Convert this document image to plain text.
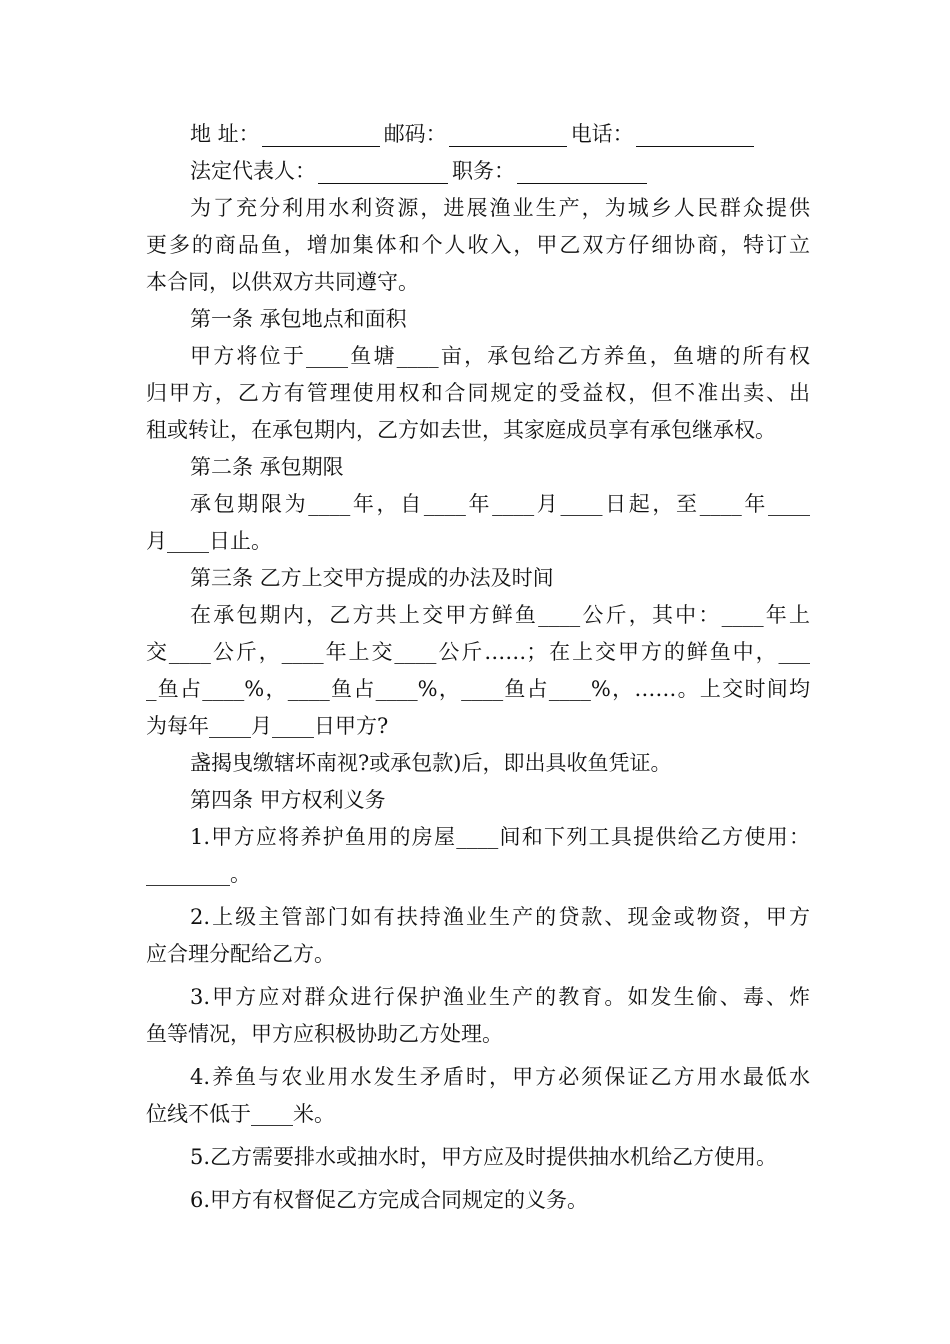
地 址：	邮码：	电话：
法定代表人：	职务：
为了充分利用水利资源，进展渔业生产，为城乡人民群众提供
更多的商品鱼，增加集体和个人收入，甲乙双方仔细协商，特订立
本合同，以供双方共同遵守。
第一条 承包地点和面积
甲方将位于____鱼塘____亩，承包给乙方养鱼，鱼塘的所有权
归甲方，乙方有管理使用权和合同规定的受益权，但不准出卖、出
租或转让，在承包期内，乙方如去世，其家庭成员享有承包继承权。
第二条 承包期限
承包期限为____年，自____年____月____日起，至____年____
月____日止。
第三条 乙方上交甲方提成的办法及时间
在承包期内，乙方共上交甲方鲜鱼____公斤，其中：____年上
交____公斤，____年上交____公斤……；在上交甲方的鲜鱼中，___
_鱼占____%，____鱼占____%，____鱼占____%，……。上交时间均
为每年____月____日甲方?
盏揭曳缴辖坏南视?或承包款)后，即出具收鱼凭证。
第四条 甲方权利义务
1.甲方应将养护鱼用的房屋____间和下列工具提供给乙方使用：
________。
2.上级主管部门如有扶持渔业生产的贷款、现金或物资，甲方
应合理分配给乙方。
3.甲方应对群众进行保护渔业生产的教育。如发生偷、毒、炸
鱼等情况，甲方应积极协助乙方处理。
4.养鱼与农业用水发生矛盾时，甲方必须保证乙方用水最低水
位线不低于____米。
5.乙方需要排水或抽水时，甲方应及时提供抽水机给乙方使用。
6.甲方有权督促乙方完成合同规定的义务。
